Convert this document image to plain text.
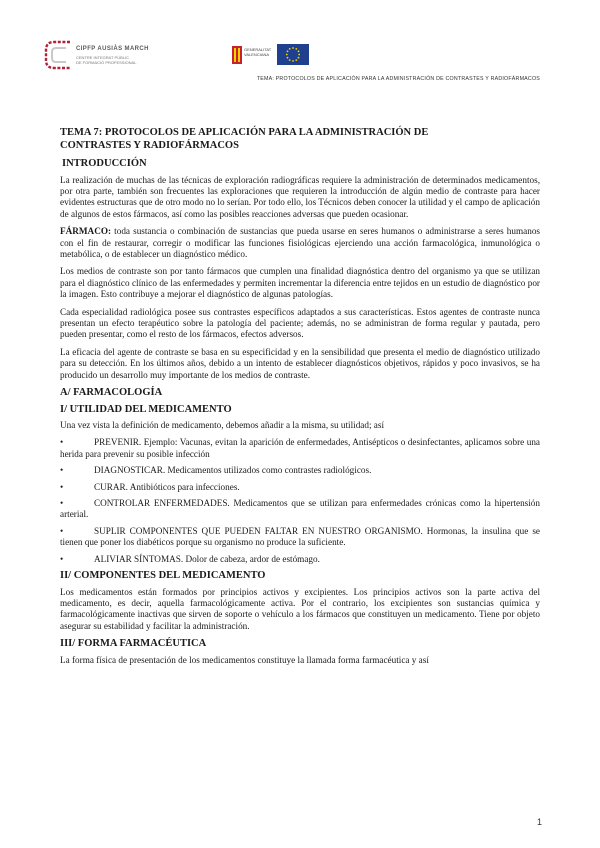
CIPFP AUSIÀS MARCH
CENTRE INTEGRAT PÚBLIC
DE FORMACIÓ PROFESSIONAL
GENERALITAT
VALENCIANA
TEMA: PROTOCOLOS DE APLICACIÓN PARA LA ADMINISTRACIÓN DE CONTRASTES Y RADIOFÁRMACOS
TEMA 7: PROTOCOLOS DE APLICACIÓN PARA LA ADMINISTRACIÓN DE
CONTRASTES Y RADIOFÁRMACOS
INTRODUCCIÓN

La realización de muchas de las técnicas de exploración radiográficas requiere la administración de determinados medicamentos, por otra parte, también son frecuentes las exploraciones que requieren la introducción de algún medio de contraste para hacer evidentes estructuras que de otro modo no lo serían. Por todo ello, los Técnicos deben conocer la utilidad y el campo de aplicación de algunos de estos fármacos, así como las posibles reacciones adversas que pueden ocasionar.

FÁRMACO: toda sustancia o combinación de sustancias que pueda usarse en seres humanos o administrarse a seres humanos con el fin de restaurar, corregir o modificar las funciones fisiológicas ejerciendo una acción farmacológica, inmunológica o metabólica, o de establecer un diagnóstico médico.

Los medios de contraste son por tanto fármacos que cumplen una finalidad diagnóstica dentro del organismo ya que se utilizan para el diagnóstico clínico de las enfermedades y permiten incrementar la diferencia entre tejidos en un estudio de diagnóstico por la imagen. Esto contribuye a mejorar el diagnóstico de algunas patologías.

Cada especialidad radiológica posee sus contrastes específicos adaptados a sus características. Estos agentes de contraste nunca presentan un efecto terapéutico sobre la patología del paciente; además, no se administran de forma regular y pautada, pero pueden presentar, como el resto de los fármacos, efectos adversos.

La eficacia del agente de contraste se basa en su especificidad y en la sensibilidad que presenta el medio de diagnóstico utilizado para su detección. En los últimos años, debido a un intento de establecer diagnósticos objetivos, rápidos y poco invasivos, se ha producido un desarrollo muy importante de los medios de contraste.

A/ FARMACOLOGÍA
I/ UTILIDAD DEL MEDICAMENTO

Una vez vista la definición de medicamento, debemos añadir a la misma, su utilidad; así

•	PREVENIR. Ejemplo: Vacunas, evitan la aparición de enfermedades, Antisépticos o desinfectantes, aplicamos sobre una herida para prevenir su posible infección
•	DIAGNOSTICAR. Medicamentos utilizados como contrastes radiológicos.
•	CURAR. Antibióticos para infecciones.
•	CONTROLAR ENFERMEDADES. Medicamentos que se utilizan para enfermedades crónicas como la hipertensión arterial.
•	SUPLIR COMPONENTES QUE PUEDEN FALTAR EN NUESTRO ORGANISMO. Hormonas, la insulina que se tienen que poner los diabéticos porque su organismo no produce la suficiente.
•	ALIVIAR SÍNTOMAS. Dolor de cabeza, ardor de estómago.
II/ COMPONENTES DEL MEDICAMENTO

Los medicamentos están formados por principios activos y excipientes. Los principios activos son la parte activa del medicamento, es decir, aquella farmacológicamente activa. Por el contrario, los excipientes son sustancias química y farmacológicamente inactivas que sirven de soporte o vehículo a los fármacos que constituyen un medicamento. Tiene por objeto asegurar su estabilidad y facilitar la administración.

III/ FORMA FARMACÉUTICA

La forma física de presentación de los medicamentos constituye la llamada forma farmacéutica y así

1
